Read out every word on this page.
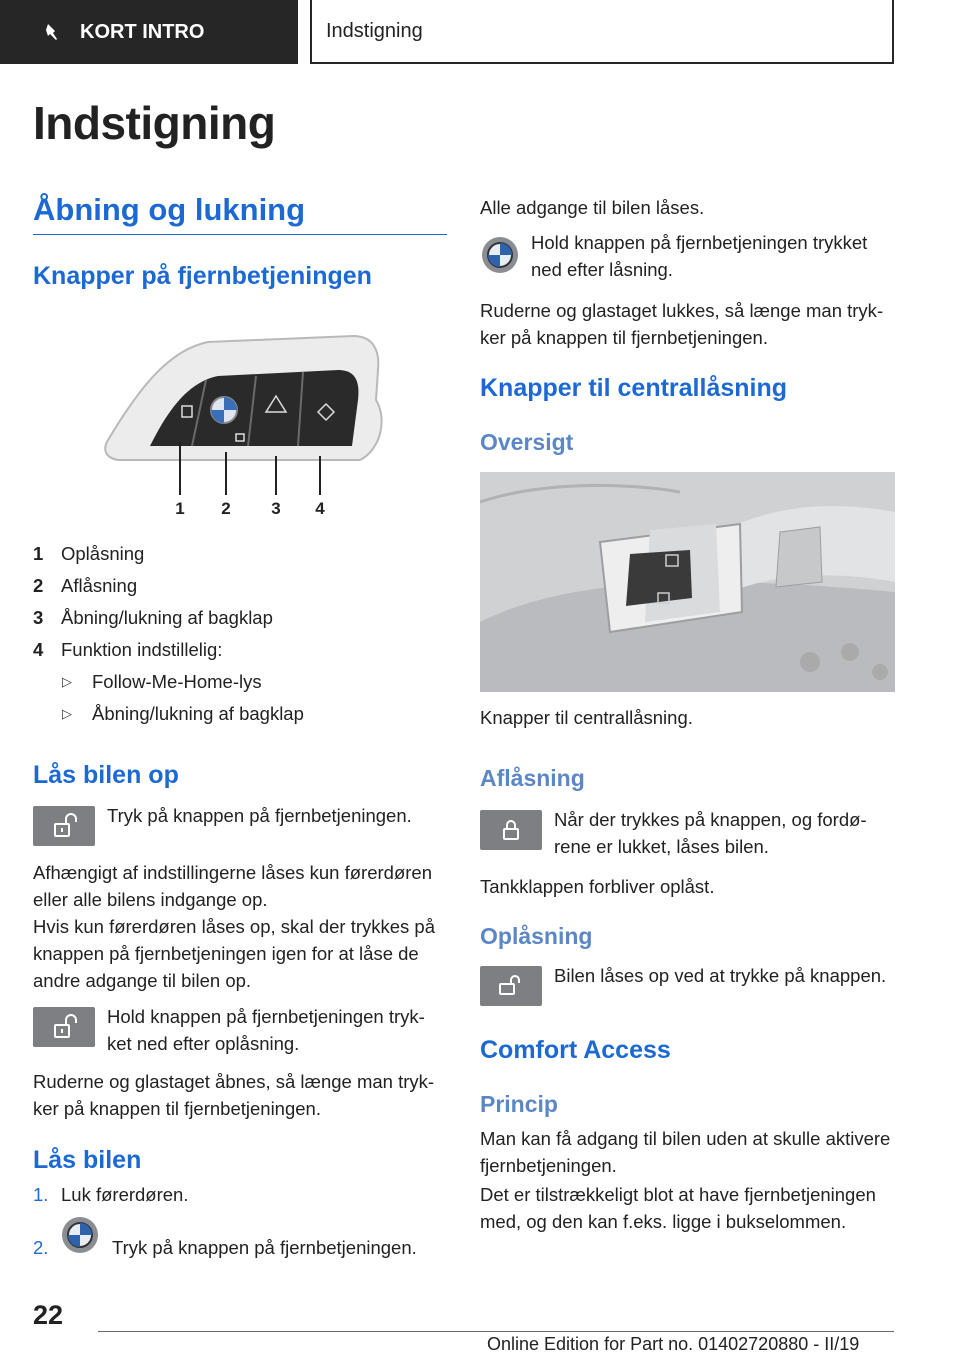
KORT INTRO	Indstigning
Indstigning
Åbning og lukning
Knapper på fjernbetjeningen
1 2 3 4
1 Oplåsning
2 Aflåsning
3 Åbning/lukning af bagklap
4 Funktion indstillelig:
▷	Follow-Me-Home-lys
▷	Åbning/lukning af bagklap
Lås bilen op

Tryk på knappen på fjernbetjeningen.

Afhængigt af indstillingerne låses kun førerdøren eller alle bilens indgange op.

Hvis kun førerdøren låses op, skal der trykkes på knappen på fjernbetjeningen igen for at låse de andre adgange til bilen op.

Hold knappen på fjernbetjeningen trykket ned efter oplåsning.

Ruderne og glastaget åbnes, så længe man trykker på knappen til fjernbetjeningen.

Lås bilen
1. Luk førerdøren.
2.	Tryk på knappen på fjernbetjeningen.

Alle adgange til bilen låses.

Hold knappen på fjernbetjeningen trykket ned efter låsning.

Ruderne og glastaget lukkes, så længe man trykker på knappen til fjernbetjeningen.

Knapper til centrallåsning
Oversigt

Knapper til centrallåsning.

Aflåsning

Når der trykkes på knappen, og fordørene er lukket, låses bilen.

Tankklappen forbliver oplåst.

Oplåsning

Bilen låses op ved at trykke på knappen.

Comfort Access
Princip

Man kan få adgang til bilen uden at skulle aktivere fjernbetjeningen.

Det er tilstrækkeligt blot at have fjernbetjeningen med, og den kan f.eks. ligge i bukselommen.

22
Online Edition for Part no. 01402720880 - II/19
